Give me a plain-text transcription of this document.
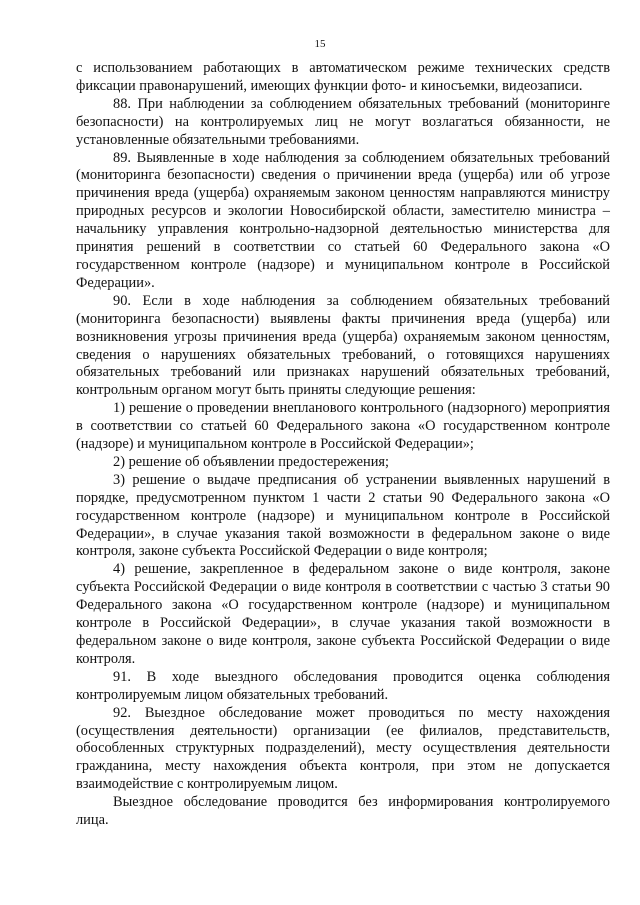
15

с использованием работающих в автоматическом режиме технических средств фиксации правонарушений, имеющих функции фото- и киносъемки, видеозаписи.

88. При наблюдении за соблюдением обязательных требований (мониторинге безопасности) на контролируемых лиц не могут возлагаться обязанности, не установленные обязательными требованиями.

89. Выявленные в ходе наблюдения за соблюдением обязательных требований (мониторинга безопасности) сведения о причинении вреда (ущерба) или об угрозе причинения вреда (ущерба) охраняемым законом ценностям направляются министру природных ресурсов и экологии Новосибирской области, заместителю министра – начальнику управления контрольно-надзорной деятельностью министерства для принятия решений в соответствии со статьей 60 Федерального закона «О государственном контроле (надзоре) и муниципальном контроле в Российской Федерации».

90. Если в ходе наблюдения за соблюдением обязательных требований (мониторинга безопасности) выявлены факты причинения вреда (ущерба) или возникновения угрозы причинения вреда (ущерба) охраняемым законом ценностям, сведения о нарушениях обязательных требований, о готовящихся нарушениях обязательных требований или признаках нарушений обязательных требований, контрольным органом могут быть приняты следующие решения:

1) решение о проведении внепланового контрольного (надзорного) мероприятия в соответствии со статьей 60 Федерального закона «О государственном контроле (надзоре) и муниципальном контроле в Российской Федерации»;

2) решение об объявлении предостережения;

3) решение о выдаче предписания об устранении выявленных нарушений в порядке, предусмотренном пунктом 1 части 2 статьи 90 Федерального закона «О государственном контроле (надзоре) и муниципальном контроле в Российской Федерации», в случае указания такой возможности в федеральном законе о виде контроля, законе субъекта Российской Федерации о виде контроля;

4) решение, закрепленное в федеральном законе о виде контроля, законе субъекта Российской Федерации о виде контроля в соответствии с частью 3 статьи 90 Федерального закона «О государственном контроле (надзоре) и муниципальном контроле в Российской Федерации», в случае указания такой возможности в федеральном законе о виде контроля, законе субъекта Российской Федерации о виде контроля.

91. В ходе выездного обследования проводится оценка соблюдения контролируемым лицом обязательных требований.

92. Выездное обследование может проводиться по месту нахождения (осуществления деятельности) организации (ее филиалов, представительств, обособленных структурных подразделений), месту осуществления деятельности гражданина, месту нахождения объекта контроля, при этом не допускается взаимодействие с контролируемым лицом.

Выездное обследование проводится без информирования контролируемого лица.
